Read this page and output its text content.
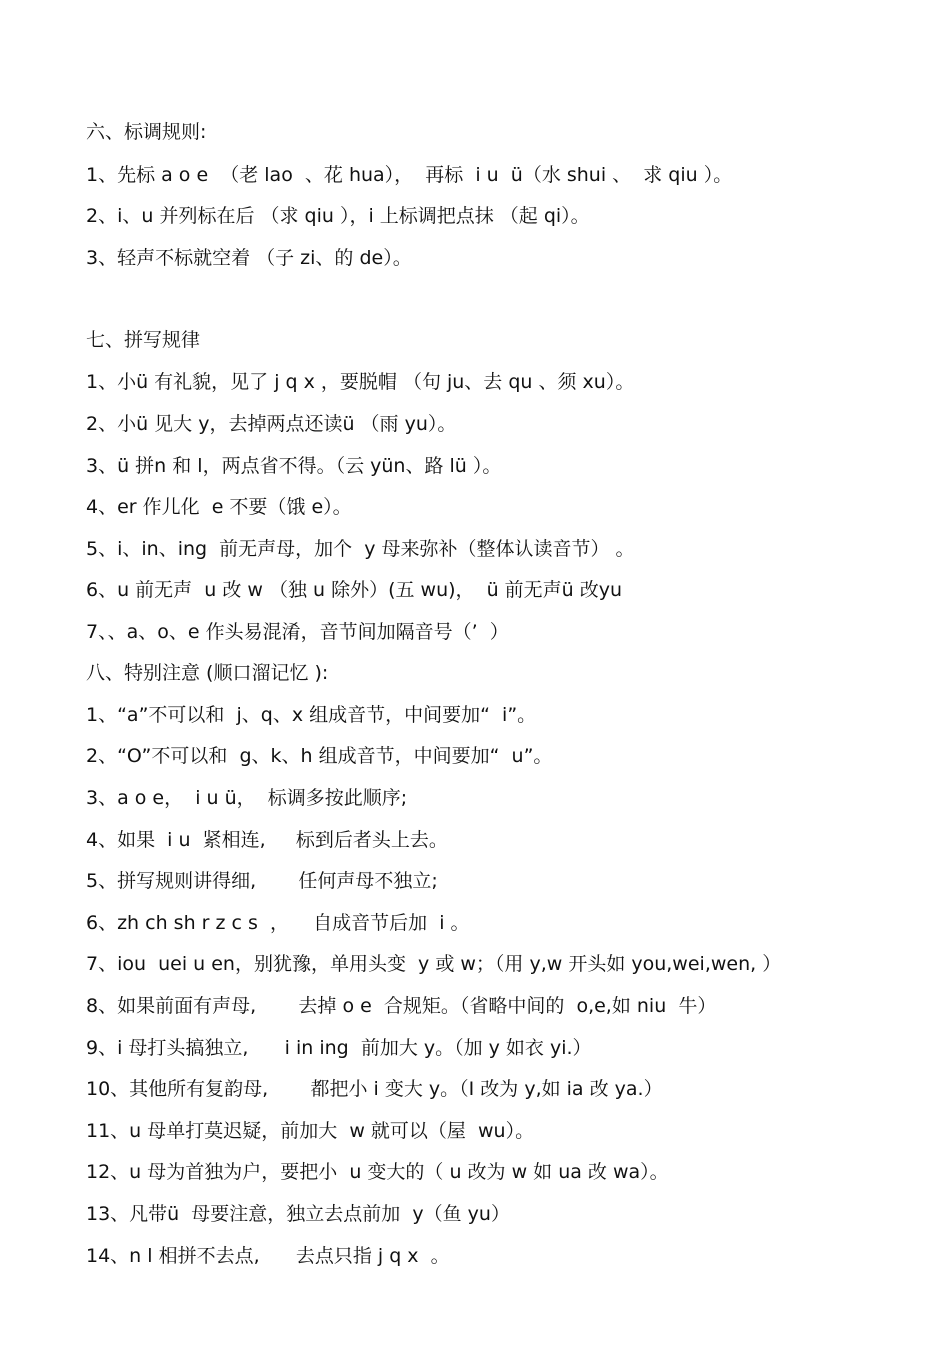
六、标调规则:
1、先标 a o e  （老 lao  、花 hua），  再标  i u  ü（水 shui 、  求 qiu ）。
2、i、u 并列标在后 （求 qiu ），i 上标调把点抹 （起 qi）。
3、轻声不标就空着 （子 zi、的 de）。
七、拼写规律
1、小ü 有礼貌，见了 j q x ，要脱帽 （句 ju、去 qu 、须 xu）。
2、小ü 见大 y，去掉两点还读ü （雨 yu）。
3、ü 拼n 和 l，两点省不得。（云 yün、路 lü ）。
4、er 作儿化  e 不要（饿 e）。
5、i、in、ing  前无声母，加个  y 母来弥补（整体认读音节） 。
6、u 前无声  u 改 w （独 u 除外）(五 wu)，  ü 前无声ü 改yu
7、、a、o、e 作头易混淆，音节间加隔音号（’  ）
八、特别注意 (顺口溜记忆 ):
1、“a”不可以和  j、q、x 组成音节，中间要加“  i”。
2、“O”不可以和  g、k、h 组成音节，中间要加“  u”。
3、a o e，  i u ü，  标调多按此顺序;
4、如果  i u  紧相连,     标到后者头上去。
5、拼写规则讲得细,       任何声母不独立;
6、zh ch sh r z c s  ，    自成音节后加  i 。
7、iou  uei u en，别犹豫，单用头变  y 或 w；（用 y,w 开头如 you,wei,wen, ）
8、如果前面有声母,       去掉 o e  合规矩。（省略中间的  o,e,如 niu  牛）
9、i 母打头搞独立,      i in ing  前加大 y。（加 y 如衣 yi.）
10、其他所有复韵母,       都把小 i 变大 y。（I 改为 y,如 ia 改 ya.）
11、u 母单打莫迟疑，前加大  w 就可以（屋  wu）。
12、u 母为首独为户，要把小  u 变大的（ u 改为 w 如 ua 改 wa）。
13、凡带ü  母要注意，独立去点前加  y（鱼 yu）
14、n l 相拼不去点,      去点只指 j q x  。
